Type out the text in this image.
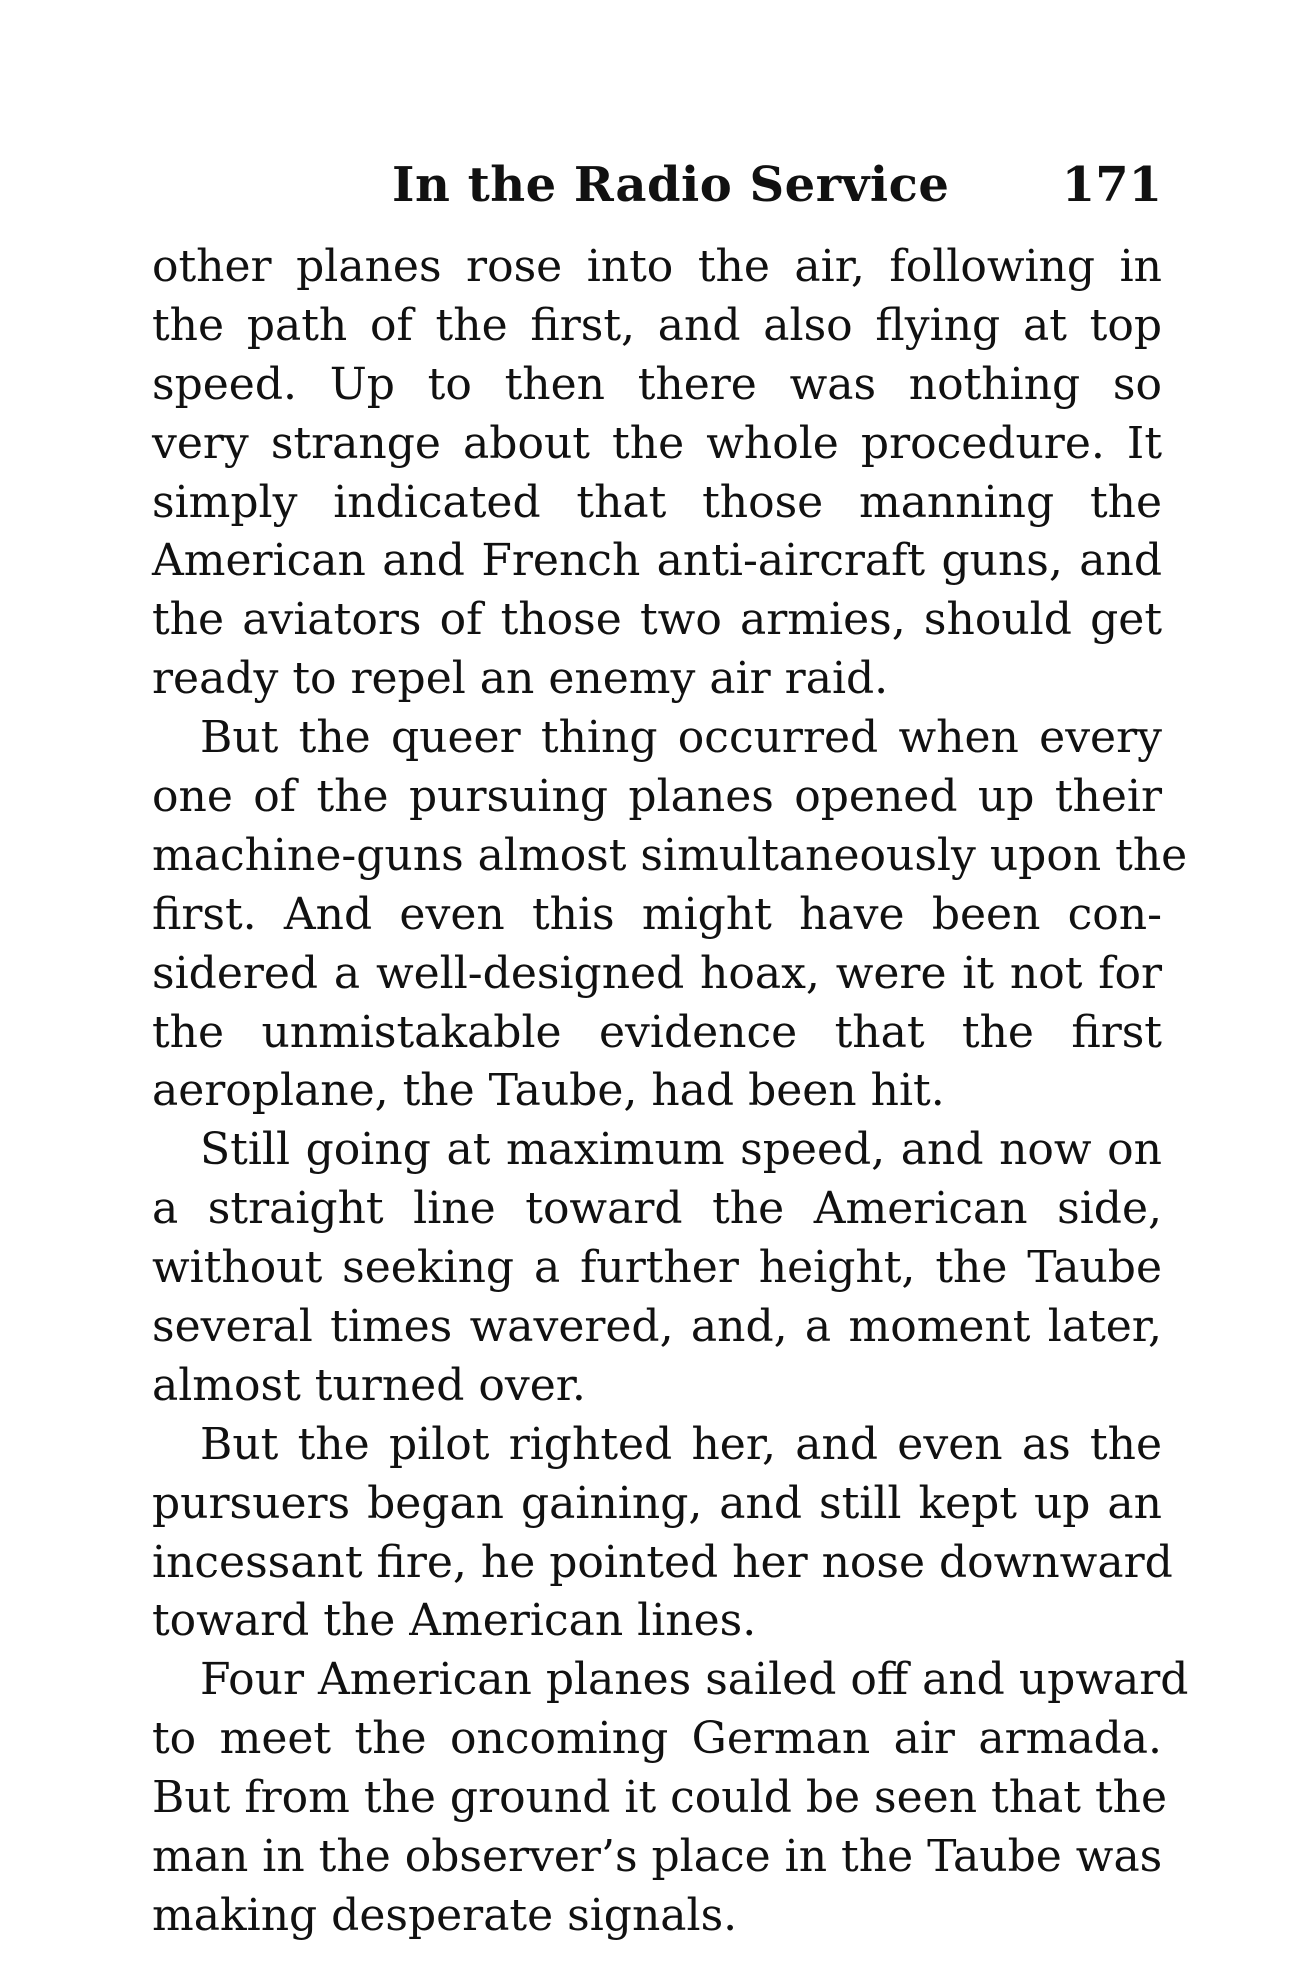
In the Radio Service 171
other planes rose into the air, following in
the path of the first, and also flying at top
speed. Up to then there was nothing so
very strange about the whole procedure. It
simply indicated that those manning the
American and French anti-aircraft guns, and
the aviators of those two armies, should get
ready to repel an enemy air raid.
But the queer thing occurred when every
one of the pursuing planes opened up their
machine-guns almost simultaneously upon the
first. And even this might have been con-
sidered a well-designed hoax, were it not for
the unmistakable evidence that the first
aeroplane, the Taube, had been hit.
Still going at maximum speed, and now on
a straight line toward the American side,
without seeking a further height, the Taube
several times wavered, and, a moment later,
almost turned over.
But the pilot righted her, and even as the
pursuers began gaining, and still kept up an
incessant fire, he pointed her nose downward
toward the American lines.
Four American planes sailed off and upward
to meet the oncoming German air armada.
But from the ground it could be seen that the
man in the observer’s place in the Taube was
making desperate signals.
